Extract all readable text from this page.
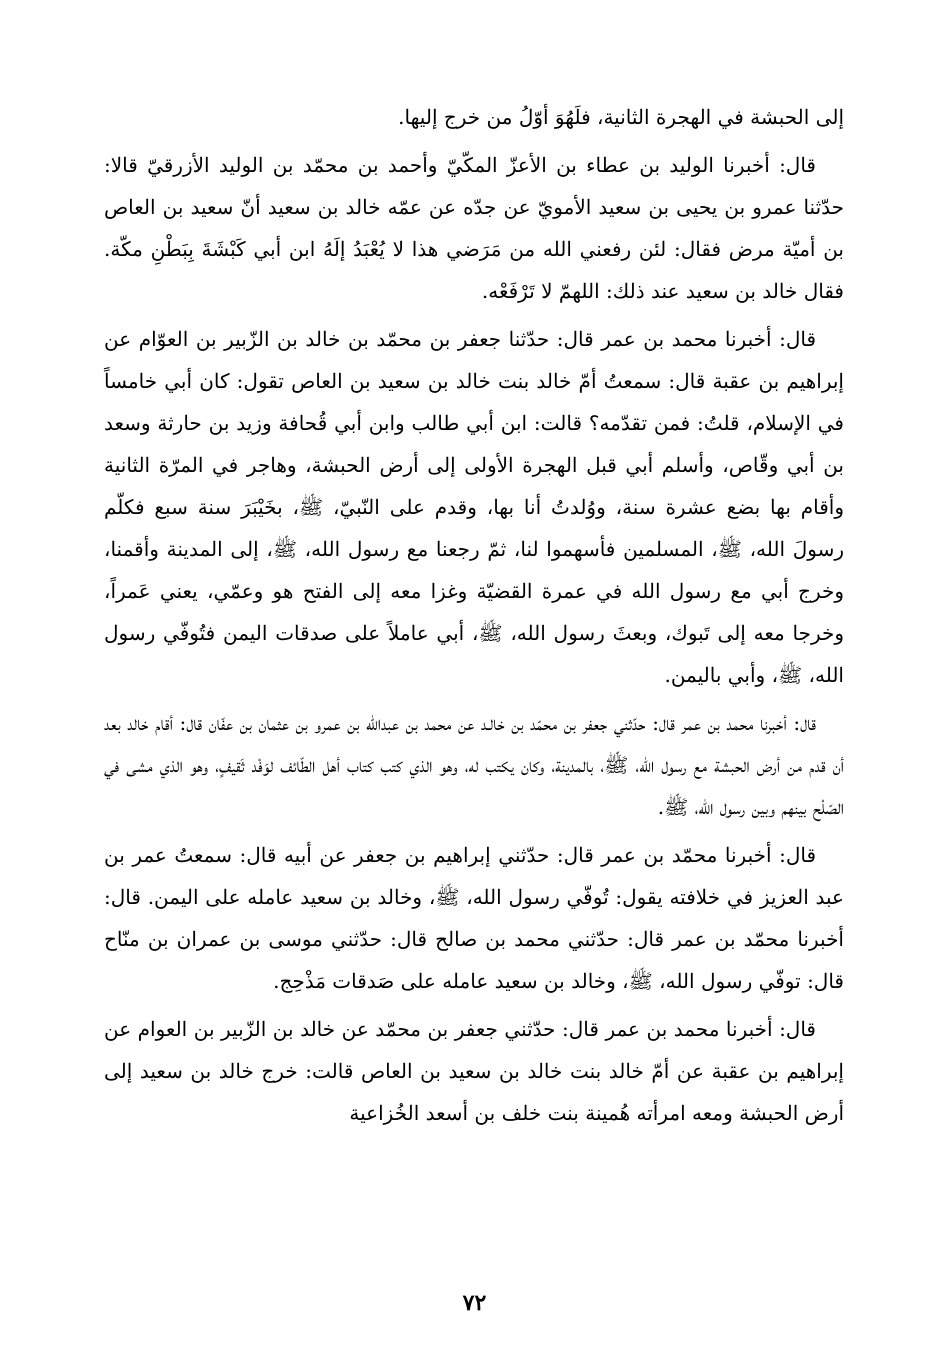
إلى الحبشة في الهجرة الثانية، فلَهُوَ أوّلُ من خرج إليها.

قال: أخبرنا الوليد بن عطاء بن الأعزّ المكّيّ وأحمد بن محمّد بن الوليد الأزرقيّ قالا: حدّثنا عمرو بن يحيى بن سعيد الأمويّ عن جدّه عن عمّه خالد بن سعيد أنّ سعيد بن العاص بن أميّة مرض فقال: لئن رفعني الله من مَرَضي هذا لا يُعْبَدُ إلَهُ ابن أبي كَبْشَةَ بِبَطْنِ مكّة. فقال خالد بن سعيد عند ذلك: اللهمّ لا تَرْفَعْه.

قال: أخبرنا محمد بن عمر قال: حدّثنا جعفر بن محمّد بن خالد بن الزّبير بن العوّام عن إبراهيم بن عقبة قال: سمعتُ أمّ خالد بنت خالد بن سعيد بن العاص تقول: كان أبي خامساً في الإسلام، قلتُ: فمن تقدّمه؟ قالت: ابن أبي طالب وابن أبي قُحافة وزيد بن حارثة وسعد بن أبي وقّاص، وأسلم أبي قبل الهجرة الأولى إلى أرض الحبشة، وهاجر في المرّة الثانية وأقام بها بضع عشرة سنة، ووُلدتُ أنا بها، وقدم على النّبيّ، ﷺ، بخَيْبَرَ سنة سبع فكلّم رسولَ الله، ﷺ، المسلمين فأسهموا لنا، ثمّ رجعنا مع رسول الله، ﷺ، إلى المدينة وأقمنا، وخرج أبي مع رسول الله في عمرة القضيّة وغزا معه إلى الفتح هو وعمّي، يعني عَمراً، وخرجا معه إلى تَبوك، وبعثَ رسول الله، ﷺ، أبي عاملاً على صدقات اليمن فتُوفّي رسول الله، ﷺ، وأبي باليمن.

قال: أخبرنا محمد بن عمر قال: حدّثني جعفر بن محمّد بن خالـد عن محمد بن عبدالله بن عمرو بن عثمان بن عفّان قال: أقام خالد بعد أن قدم من أرض الحبشة مع رسول الله، ﷺ، بالمدينة، وكان يكتب له، وهو الذي كتب كتاب أهل الطّائف لوَفْد ثَقيفٍ، وهو الذي مشى في الصّلْح بينهم وبين رسول الله، ﷺ.

قال: أخبرنا محمّد بن عمر قال: حدّثني إبراهيم بن جعفر عن أبيه قال: سمعتُ عمر بن عبد العزيز في خلافته يقول: تُوفّي رسول الله، ﷺ، وخالد بن سعيد عامله على اليمن. قال: أخبرنا محمّد بن عمر قال: حدّثني محمد بن صالح قال: حدّثني موسى بن عمران بن منّاح قال: توفّي رسول الله، ﷺ، وخالد بن سعيد عامله على صَدقات مَذْحِج.

قال: أخبرنا محمد بن عمر قال: حدّثني جعفر بن محمّد عن خالد بن الزّبير بن العوام عن إبراهيم بن عقبة عن أمّ خالد بنت خالد بن سعيد بن العاص قالت: خرج خالد بن سعيد إلى أرض الحبشة ومعه امرأته هُمينة بنت خلف بن أسعد الخُزاعية

٧٢
